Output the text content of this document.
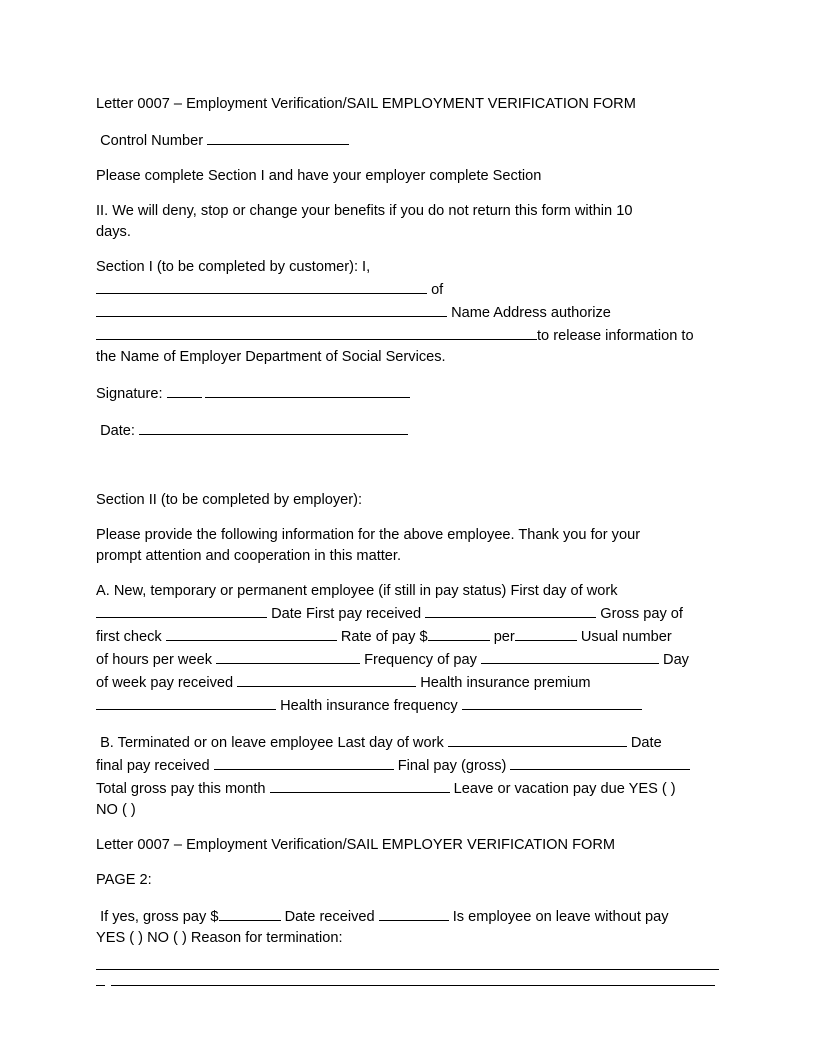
Letter 0007 – Employment Verification/SAIL EMPLOYMENT VERIFICATION FORM

Control Number

Please complete Section I and have your employer complete Section

II. We will deny, stop or change your benefits if you do not return this form within 10
days.

Section I (to be completed by customer): I,
of
Name Address authorize
to release information to
the Name of Employer Department of Social Services.

Signature:

Date:

Section II (to be completed by employer):

Please provide the following information for the above employee. Thank you for your
prompt attention and cooperation in this matter.

A. New, temporary or permanent employee (if still in pay status) First day of work
Date First pay received	Gross pay of
first check	Rate of pay $	per	Usual number
of hours per week	Frequency of pay	Day
of week pay received	Health insurance premium
Health insurance frequency

B. Terminated or on leave employee Last day of work	Date
final pay received	Final pay (gross)
Total gross pay this month	Leave or vacation pay due YES ( )
NO ( )

Letter 0007 – Employment Verification/SAIL EMPLOYER VERIFICATION FORM

PAGE 2:

If yes, gross pay $	Date received	Is employee on leave without pay
YES ( ) NO ( ) Reason for termination:
